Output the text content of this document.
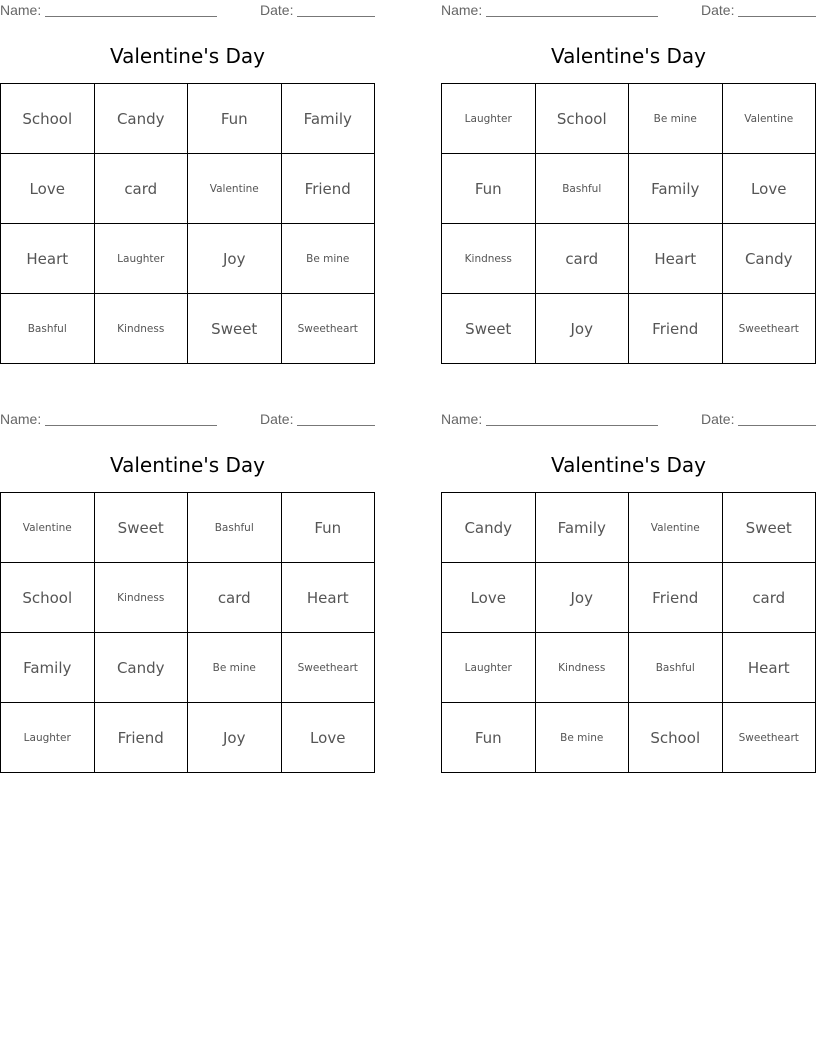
Name:	Date:
Valentine's Day
School	Candy	Fun	Family
Love	card	Valentine	Friend
Heart	Laughter	Joy	Be mine
Bashful	Kindness	Sweet	Sweetheart
Name:	Date:
Valentine's Day
Laughter	School	Be mine	Valentine
Fun	Bashful	Family	Love
Kindness	card	Heart	Candy
Sweet	Joy	Friend	Sweetheart
Name:	Date:
Valentine's Day
Valentine	Sweet	Bashful	Fun
School	Kindness	card	Heart
Family	Candy	Be mine	Sweetheart
Laughter	Friend	Joy	Love
Name:	Date:
Valentine's Day
Candy	Family	Valentine	Sweet
Love	Joy	Friend	card
Laughter	Kindness	Bashful	Heart
Fun	Be mine	School	Sweetheart
